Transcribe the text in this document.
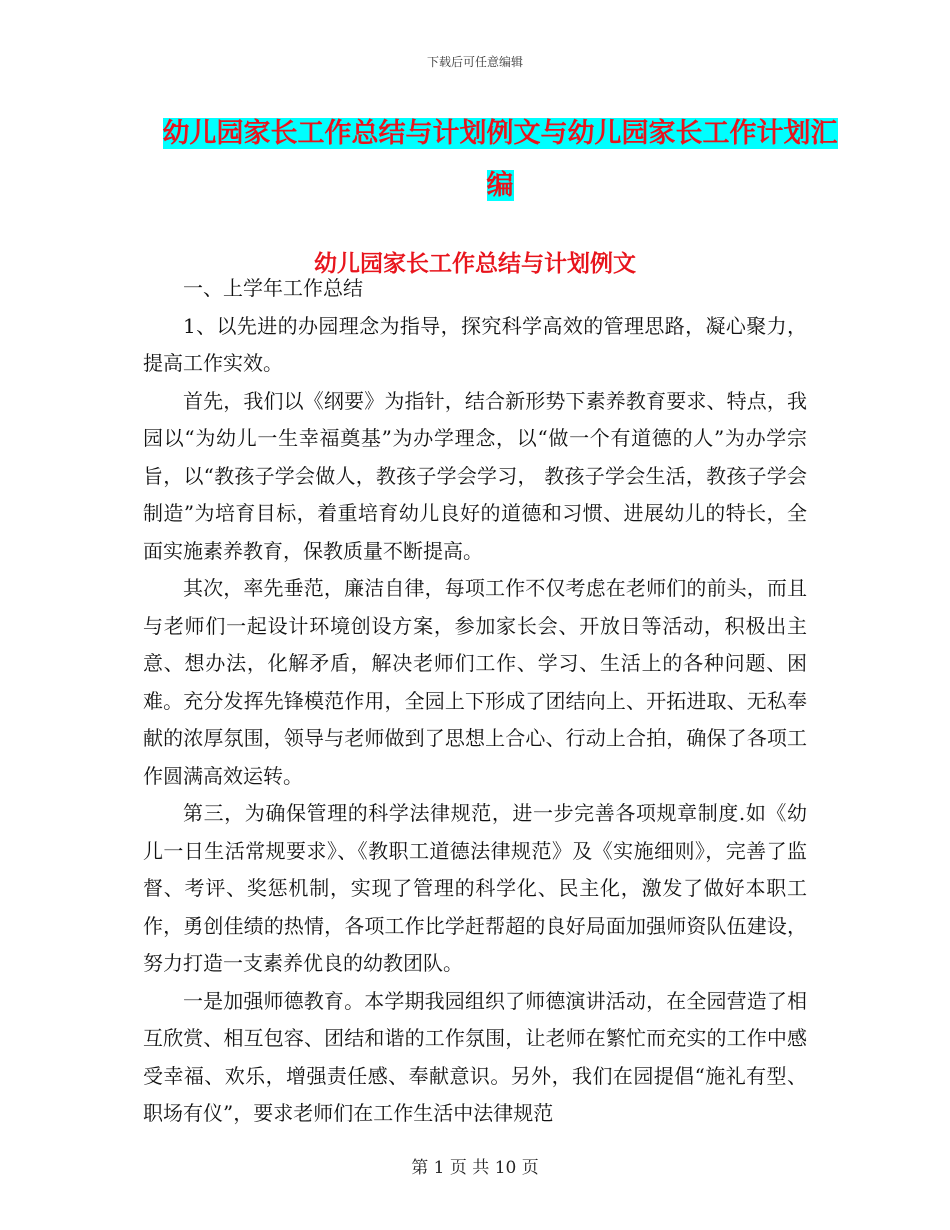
下载后可任意编辑
幼儿园家长工作总结与计划例文与幼儿园家长工作计划汇编
幼儿园家长工作总结与计划例文

一、上学年工作总结

1、以先进的办园理念为指导，探究科学高效的管理思路，凝心聚力，提高工作实效。

首先，我们以《纲要》为指针，结合新形势下素养教育要求、特点，我园以“为幼儿一生幸福奠基”为办学理念，以“做一个有道德的人”为办学宗旨，以“教孩子学会做人，教孩子学会学习， 教孩子学会生活，教孩子学会制造”为培育目标，着重培育幼儿良好的道德和习惯、进展幼儿的特长，全面实施素养教育，保教质量不断提高。

其次，率先垂范，廉洁自律，每项工作不仅考虑在老师们的前头，而且与老师们一起设计环境创设方案，参加家长会、开放日等活动，积极出主意、想办法，化解矛盾，解决老师们工作、学习、生活上的各种问题、困难。充分发挥先锋模范作用，全园上下形成了团结向上、开拓进取、无私奉献的浓厚氛围，领导与老师做到了思想上合心、行动上合拍，确保了各项工作圆满高效运转。

第三，为确保管理的科学法律规范，进一步完善各项规章制度.如《幼儿一日生活常规要求》、《教职工道德法律规范》及《实施细则》，完善了监督、考评、奖惩机制，实现了管理的科学化、民主化，激发了做好本职工作，勇创佳绩的热情，各项工作比学赶帮超的良好局面加强师资队伍建设，努力打造一支素养优良的幼教团队。

一是加强师德教育。本学期我园组织了师德演讲活动，在全园营造了相互欣赏、相互包容、团结和谐的工作氛围，让老师在繁忙而充实的工作中感受幸福、欢乐，增强责任感、奉献意识。另外，我们在园提倡“施礼有型、职场有仪”，要求老师们在工作生活中法律规范

第 1 页 共 10 页
